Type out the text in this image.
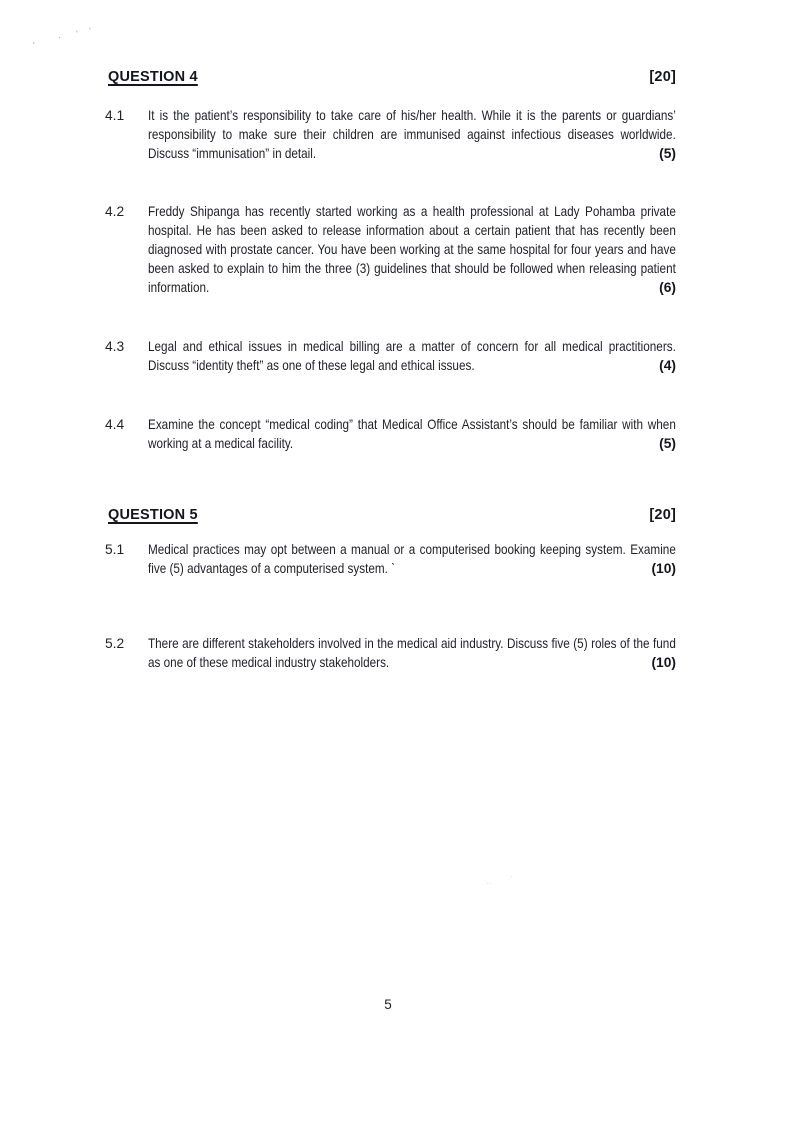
, · ʹ ʻ
QUESTION 4	[20]
4.1 It is the patient’s responsibility to take care of his/her health. While it is the parents or guardians’ responsibility to make sure their children are immunised against infectious diseases worldwide. Discuss “immunisation” in detail.	(5)
4.2 Freddy Shipanga has recently started working as a health professional at Lady Pohamba private hospital. He has been asked to release information about a certain patient that has recently been diagnosed with prostate cancer. You have been working at the same hospital for four years and have been asked to explain to him the three (3) guidelines that should be followed when releasing patient information.	(6)
4.3 Legal and ethical issues in medical billing are a matter of concern for all medical practitioners. Discuss “identity theft” as one of these legal and ethical issues.	(4)
4.4 Examine the concept “medical coding” that Medical Office Assistant’s should be familiar with when working at a medical facility.	(5)
QUESTION 5	[20]
5.1 Medical practices may opt between a manual or a computerised booking keeping system. Examine five (5) advantages of a computerised system. ˋ	(10)
5.2 There are different stakeholders involved in the medical aid industry. Discuss five (5) roles of the fund as one of these medical industry stakeholders.	(10)
··
·
5
